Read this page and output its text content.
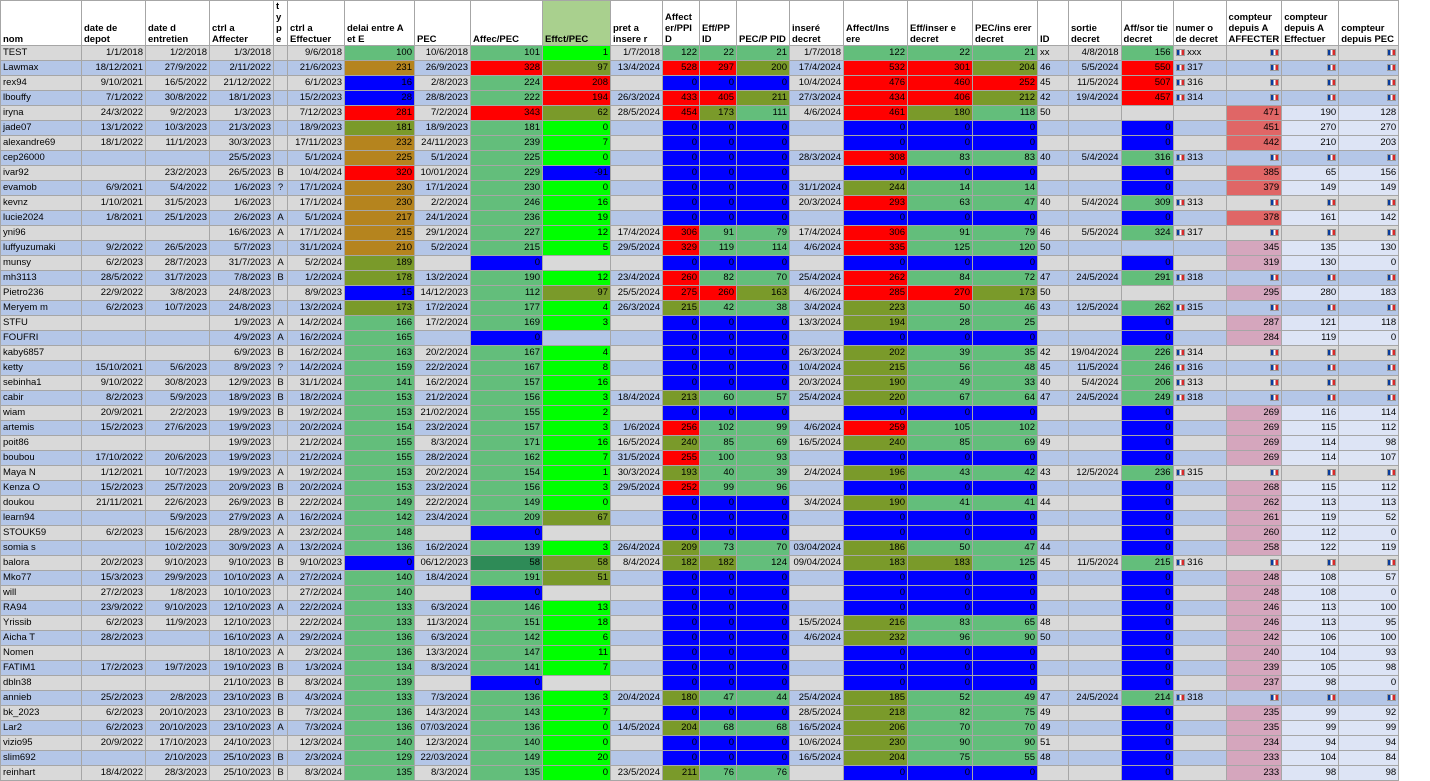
nom	date de depot	date d entretien	ctrl a Affecter	t y p e	ctrl a Effectuer	delai entre A et E	PEC	Affec/PEC	Effct/PEC	pret a insere r	Affect er/PPI D	Eff/PP ID	PEC/P PID	inseré decret	Affect/Ins ere	Eff/inser e decret	PEC/ins erer decret	ID	sortie decret	Aff/sor tie decret	numer o de decret	compteur depuis A AFFECTER	compteur depuis A Effectuer	compteur depuis PEC
TEST	1/1/2018	1/2/2018	1/3/2018		9/6/2018	100	10/6/2018	101	1	1/7/2018	122	22	21	1/7/2018	122	22	21	xx	4/8/2018	156	xxx			
Lawmax	18/12/2021	27/9/2022	2/11/2022		21/6/2023	231	26/9/2023	328	97	13/4/2024	528	297	200	17/4/2024	532	301	204	46	5/5/2024	550	317			
rex94	9/10/2021	16/5/2022	21/12/2022		6/1/2023	16	2/8/2023	224	208		0	0	0	10/4/2024	476	460	252	45	11/5/2024	507	316			
lbouffy	7/1/2022	30/8/2022	18/1/2023		15/2/2023	28	28/8/2023	222	194	26/3/2024	433	405	211	27/3/2024	434	406	212	42	19/4/2024	457	314			
iryna	24/3/2022	9/2/2023	1/3/2023		7/12/2023	281	7/2/2024	343	62	28/5/2024	454	173	111	4/6/2024	461	180	118	50				471	190	128
jade07	13/1/2022	10/3/2023	21/3/2023		18/9/2023	181	18/9/2023	181	0		0	0	0		0	0	0			0		451	270	270
alexandre69	18/1/2022	11/1/2023	30/3/2023		17/11/2023	232	24/11/2023	239	7		0	0	0		0	0	0			0		442	210	203
cep26000			25/5/2023		5/1/2024	225	5/1/2024	225	0		0	0	0	28/3/2024	308	83	83	40	5/4/2024	316	313			
ivar92		23/2/2023	26/5/2023	B	10/4/2024	320	10/01/2024	229	-91		0	0	0		0	0	0			0		385	65	156
evamob	6/9/2021	5/4/2022	1/6/2023	?	17/1/2024	230	17/1/2024	230	0		0	0	0	31/1/2024	244	14	14			0		379	149	149
kevnz	1/10/2021	31/5/2023	1/6/2023		17/1/2024	230	2/2/2024	246	16		0	0	0	20/3/2024	293	63	47	40	5/4/2024	309	313			
lucie2024	1/8/2021	25/1/2023	2/6/2023	A	5/1/2024	217	24/1/2024	236	19		0	0	0		0	0	0			0		378	161	142
yni96			16/6/2023	A	17/1/2024	215	29/1/2024	227	12	17/4/2024	306	91	79	17/4/2024	306	91	79	46	5/5/2024	324	317			
luffyuzumaki	9/2/2022	26/5/2023	5/7/2023		31/1/2024	210	5/2/2024	215	5	29/5/2024	329	119	114	4/6/2024	335	125	120	50				345	135	130
munsy	6/2/2023	28/7/2023	31/7/2023	A	5/2/2024	189		0			0	0	0		0	0	0			0		319	130	0
mh3113	28/5/2022	31/7/2023	7/8/2023	B	1/2/2024	178	13/2/2024	190	12	23/4/2024	260	82	70	25/4/2024	262	84	72	47	24/5/2024	291	318			
Pietro236	22/9/2022	3/8/2023	24/8/2023		8/9/2023	15	14/12/2023	112	97	25/5/2024	275	260	163	4/6/2024	285	270	173	50				295	280	183
Meryem m	6/2/2023	10/7/2023	24/8/2023		13/2/2024	173	17/2/2024	177	4	26/3/2024	215	42	38	3/4/2024	223	50	46	43	12/5/2024	262	315			
STFU			1/9/2023	A	14/2/2024	166	17/2/2024	169	3		0	0	0	13/3/2024	194	28	25			0		287	121	118
FOUFRI			4/9/2023	A	16/2/2024	165		0			0	0	0		0	0	0			0		284	119	0
kaby6857			6/9/2023	B	16/2/2024	163	20/2/2024	167	4		0	0	0	26/3/2024	202	39	35	42	19/04/2024	226	314			
ketty	15/10/2021	5/6/2023	8/9/2023	?	14/2/2024	159	22/2/2024	167	8		0	0	0	10/4/2024	215	56	48	45	11/5/2024	246	316			
sebinha1	9/10/2022	30/8/2023	12/9/2023	B	31/1/2024	141	16/2/2024	157	16		0	0	0	20/3/2024	190	49	33	40	5/4/2024	206	313			
cabir	8/2/2023	5/9/2023	18/9/2023	B	18/2/2024	153	21/2/2024	156	3	18/4/2024	213	60	57	25/4/2024	220	67	64	47	24/5/2024	249	318			
wiam	20/9/2021	2/2/2023	19/9/2023	B	19/2/2024	153	21/02/2024	155	2		0	0	0		0	0	0			0		269	116	114
artemis	15/2/2023	27/6/2023	19/9/2023		20/2/2024	154	23/2/2024	157	3	1/6/2024	256	102	99	4/6/2024	259	105	102			0		269	115	112
poit86			19/9/2023		21/2/2024	155	8/3/2024	171	16	16/5/2024	240	85	69	16/5/2024	240	85	69	49		0		269	114	98
boubou	17/10/2022	20/6/2023	19/9/2023		21/2/2024	155	28/2/2024	162	7	31/5/2024	255	100	93		0	0	0			0		269	114	107
Maya N	1/12/2021	10/7/2023	19/9/2023	A	19/2/2024	153	20/2/2024	154	1	30/3/2024	193	40	39	2/4/2024	196	43	42	43	12/5/2024	236	315			
Kenza O	15/2/2023	25/7/2023	20/9/2023	B	20/2/2024	153	23/2/2024	156	3	29/5/2024	252	99	96		0	0	0			0		268	115	112
doukou	21/11/2021	22/6/2023	26/9/2023	B	22/2/2024	149	22/2/2024	149	0		0	0	0	3/4/2024	190	41	41	44		0		262	113	113
learn94		5/9/2023	27/9/2023	A	16/2/2024	142	23/4/2024	209	67		0	0	0		0	0	0			0		261	119	52
STOUK59	6/2/2023	15/6/2023	28/9/2023	A	23/2/2024	148		0			0	0	0		0	0	0			0		260	112	0
somia s		10/2/2023	30/9/2023	A	13/2/2024	136	16/2/2024	139	3	26/4/2024	209	73	70	03/04/2024	186	50	47	44		0		258	122	119
balora	20/2/2023	9/10/2023	9/10/2023	B	9/10/2023	0	06/12/2023	58	58	8/4/2024	182	182	124	09/04/2024	183	183	125	45	11/5/2024	215	316			
Mko77	15/3/2023	29/9/2023	10/10/2023	A	27/2/2024	140	18/4/2024	191	51		0	0	0		0	0	0			0		248	108	57
will	27/2/2023	1/8/2023	10/10/2023		27/2/2024	140		0			0	0	0		0	0	0			0		248	108	0
RA94	23/9/2022	9/10/2023	12/10/2023	A	22/2/2024	133	6/3/2024	146	13		0	0	0		0	0	0			0		246	113	100
Yrissib	6/2/2023	11/9/2023	12/10/2023		22/2/2024	133	11/3/2024	151	18		0	0	0	15/5/2024	216	83	65	48		0		246	113	95
Aicha T	28/2/2023		16/10/2023	A	29/2/2024	136	6/3/2024	142	6		0	0	0	4/6/2024	232	96	90	50		0		242	106	100
Nomen			18/10/2023	A	2/3/2024	136	13/3/2024	147	11		0	0	0		0	0	0			0		240	104	93
FATIM1	17/2/2023	19/7/2023	19/10/2023	B	1/3/2024	134	8/3/2024	141	7		0	0	0		0	0	0			0		239	105	98
dbln38			21/10/2023	B	8/3/2024	139		0			0	0	0		0	0	0			0		237	98	0
annieb	25/2/2023	2/8/2023	23/10/2023	B	4/3/2024	133	7/3/2024	136	3	20/4/2024	180	47	44	25/4/2024	185	52	49	47	24/5/2024	214	318			
bk_2023	6/2/2023	20/10/2023	23/10/2023	B	7/3/2024	136	14/3/2024	143	7		0	0	0	28/5/2024	218	82	75	49		0		235	99	92
Lar2	6/2/2023	20/10/2023	23/10/2023	A	7/3/2024	136	07/03/2024	136	0	14/5/2024	204	68	68	16/5/2024	206	70	70	49		0		235	99	99
vizio95	20/9/2022	17/10/2023	24/10/2023		12/3/2024	140	12/3/2024	140	0		0	0	0	10/6/2024	230	90	90	51		0		234	94	94
slim692		2/10/2023	25/10/2023	B	2/3/2024	129	22/03/2024	149	20		0	0	0	16/5/2024	204	75	55	48		0		233	104	84
reinhart	18/4/2022	28/3/2023	25/10/2023	B	8/3/2024	135	8/3/2024	135	0	23/5/2024	211	76	76		0	0	0			0		233	98	98
